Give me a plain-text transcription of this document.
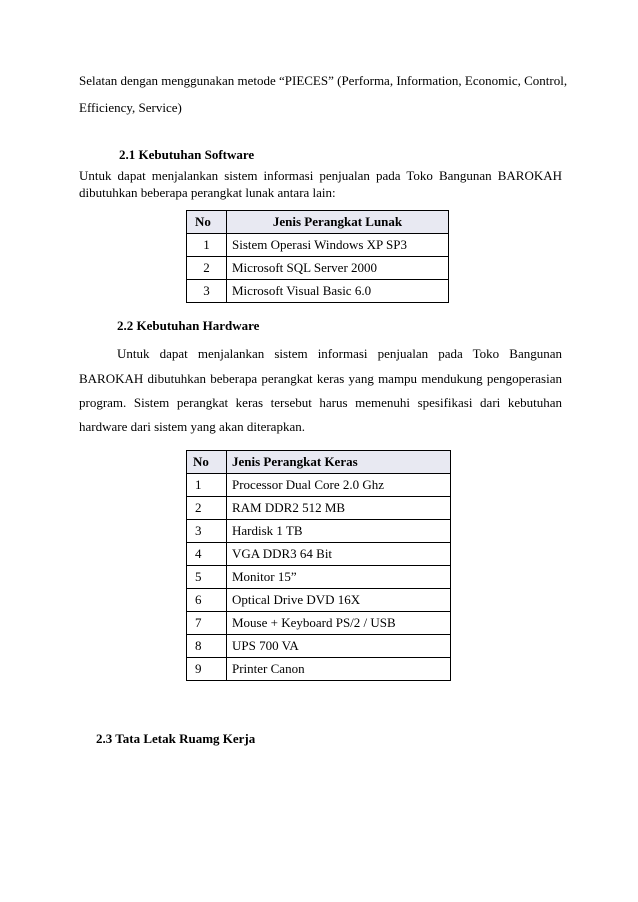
Selatan dengan menggunakan metode “PIECES” (Performa, Information, Economic, Control,

Efficiency, Service)

2.1 Kebutuhan Software

Untuk dapat menjalankan sistem informasi penjualan pada Toko Bangunan BAROKAH

dibutuhkan beberapa perangkat lunak antara lain:

No	Jenis Perangkat Lunak
1	Sistem Operasi Windows XP SP3
2	Microsoft SQL Server 2000
3	Microsoft Visual Basic 6.0
2.2 Kebutuhan Hardware

Untuk dapat menjalankan sistem informasi penjualan pada Toko Bangunan

BAROKAH dibutuhkan beberapa perangkat keras yang mampu mendukung pengoperasian

program. Sistem perangkat keras tersebut harus memenuhi spesifikasi dari kebutuhan

hardware dari sistem yang akan diterapkan.

No	Jenis Perangkat Keras
1	Processor Dual Core 2.0 Ghz
2	RAM DDR2 512 MB
3	Hardisk 1 TB
4	VGA DDR3 64 Bit
5	Monitor 15”
6	Optical Drive DVD 16X
7	Mouse + Keyboard PS/2 / USB
8	UPS 700 VA
9	Printer Canon
2.3 Tata Letak Ruamg Kerja
